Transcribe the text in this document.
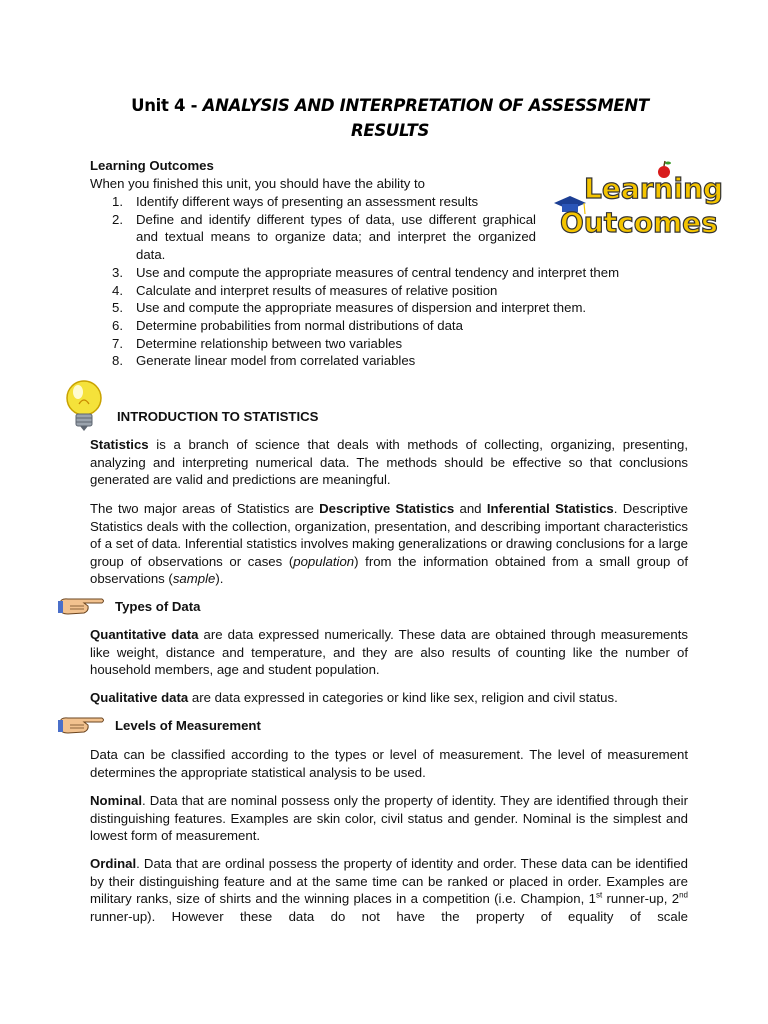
Unit 4 - ANALYSIS AND INTERPRETATION OF ASSESSMENT
RESULTS
Learning
Outcomes
Learning Outcomes
When you finished this unit, you should have the ability to
1. Identify different ways of presenting an assessment results
2. Define and identify different types of data, use different graphical and textual means to organize data; and interpret the organized data.
3. Use and compute the appropriate measures of central tendency and interpret them
4. Calculate and interpret results of measures of relative position
5. Use and compute the appropriate measures of dispersion and interpret them.
6. Determine probabilities from normal distributions of data
7. Determine relationship between two variables
8. Generate linear model from correlated variables
INTRODUCTION TO STATISTICS
Statistics is a branch of science that deals with methods of collecting, organizing, presenting, analyzing and interpreting numerical data. The methods should be effective so that conclusions generated are valid and predictions are meaningful.
The two major areas of Statistics are Descriptive Statistics and Inferential Statistics. Descriptive Statistics deals with the collection, organization, presentation, and describing important characteristics of a set of data. Inferential statistics involves making generalizations or drawing conclusions for a large group of observations or cases (population) from the information obtained from a small group of observations (sample).
Types of Data
Quantitative data are data expressed numerically. These data are obtained through measurements like weight, distance and temperature, and they are also results of counting like the number of household members, age and student population.
Qualitative data are data expressed in categories or kind like sex, religion and civil status.
Levels of Measurement
Data can be classified according to the types or level of measurement. The level of measurement determines the appropriate statistical analysis to be used.
Nominal. Data that are nominal possess only the property of identity. They are identified through their distinguishing features. Examples are skin color, civil status and gender. Nominal is the simplest and lowest form of measurement.
Ordinal. Data that are ordinal possess the property of identity and order. These data can be identified by their distinguishing feature and at the same time can be ranked or placed in order. Examples are military ranks, size of shirts and the winning places in a competition (i.e. Champion, 1st runner-up, 2nd runner-up). However these data do not have the property of equality of scale
